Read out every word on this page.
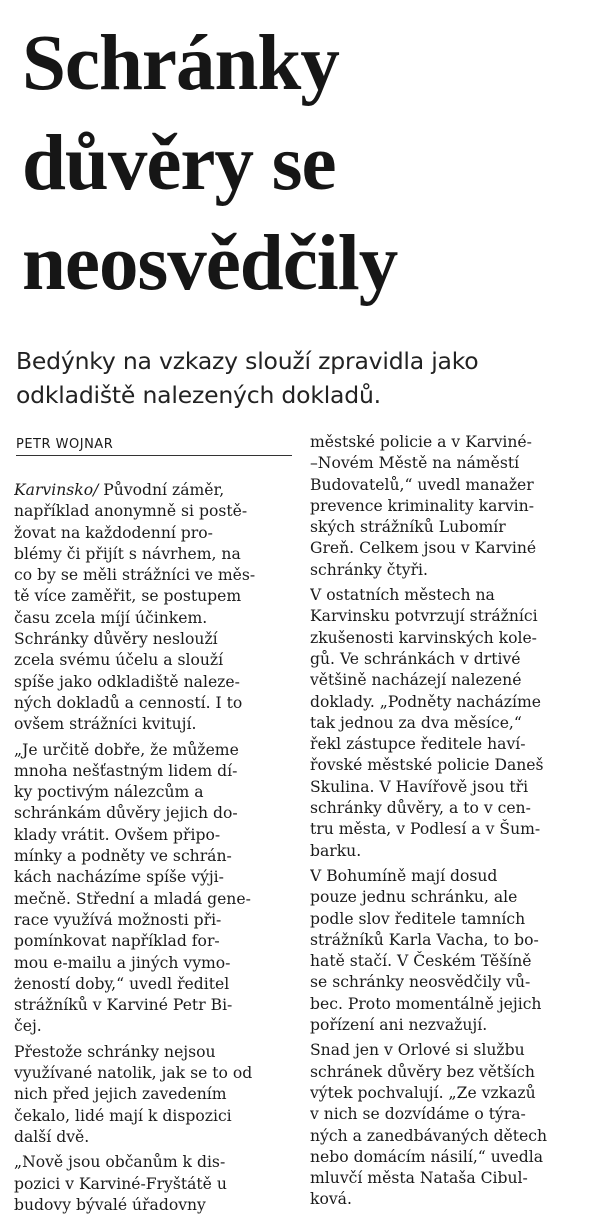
Schránky
důvěry se
neosvědčily

Bedýnky na vzkazy slouží zpravidla jako
odkladiště nalezených dokladů.

PETR WOJNAR
Karvinsko/ Původní záměr,
například anonymně si postě-
žovat na každodenní pro-
blémy či přijít s návrhem, na
co by se měli strážníci ve měs-
tě více zaměřit, se postupem
času zcela míjí účinkem.
Schránky důvěry neslouží
zcela svému účelu a slouží
spíše jako odkladiště naleze-
ných dokladů a cenností. I to
ovšem strážníci kvitují.
„Je určitě dobře, že můžeme
mnoha nešťastným lidem dí-
ky poctivým nálezcům a
schránkám důvěry jejich do-
klady vrátit. Ovšem připo-
mínky a podněty ve schrán-
kách nacházíme spíše výji-
mečně. Střední a mladá gene-
race využívá možnosti při-
pomínkovat například for-
mou e-mailu a jiných vymo-
żeností doby,“ uvedl ředitel
strážníků v Karviné Petr Bi-
čej.
Přestože schránky nejsou
využívané natolik, jak se to od
nich před jejich zavedením
čekalo, lidé mají k dispozici
další dvě.
„Nově jsou občanům k dis-
pozici v Karviné-Fryštátě u
budovy bývalé úřadovny
městské policie a v Karviné-
–Novém Městě na náměstí
Budovatelů,“ uvedl manažer
prevence kriminality karvin-
ských strážníků Lubomír
Greň. Celkem jsou v Karviné
schránky čtyři.
V ostatních městech na
Karvinsku potvrzují strážníci
zkušenosti karvinských kole-
gů. Ve schránkách v drtivé
většině nacházejí nalezené
doklady. „Podněty nacházíme
tak jednou za dva měsíce,“
řekl zástupce ředitele haví-
řovské městské policie Daneš
Skulina. V Havířově jsou tři
schránky důvěry, a to v cen-
tru města, v Podlesí a v Šum-
barku.
V Bohumíně mají dosud
pouze jednu schránku, ale
podle slov ředitele tamních
strážníků Karla Vacha, to bo-
hatě stačí. V Českém Těšíně
se schránky neosvědčily vů-
bec. Proto momentálně jejich
pořízení ani nezvažují.
Snad jen v Orlové si službu
schránek důvěry bez větších
výtek pochvalují. „Ze vzkazů
v nich se dozvídáme o týra-
ných a zanedbávaných dětech
nebo domácím násilí,“ uvedla
mluvčí města Nataša Cibul-
ková.
